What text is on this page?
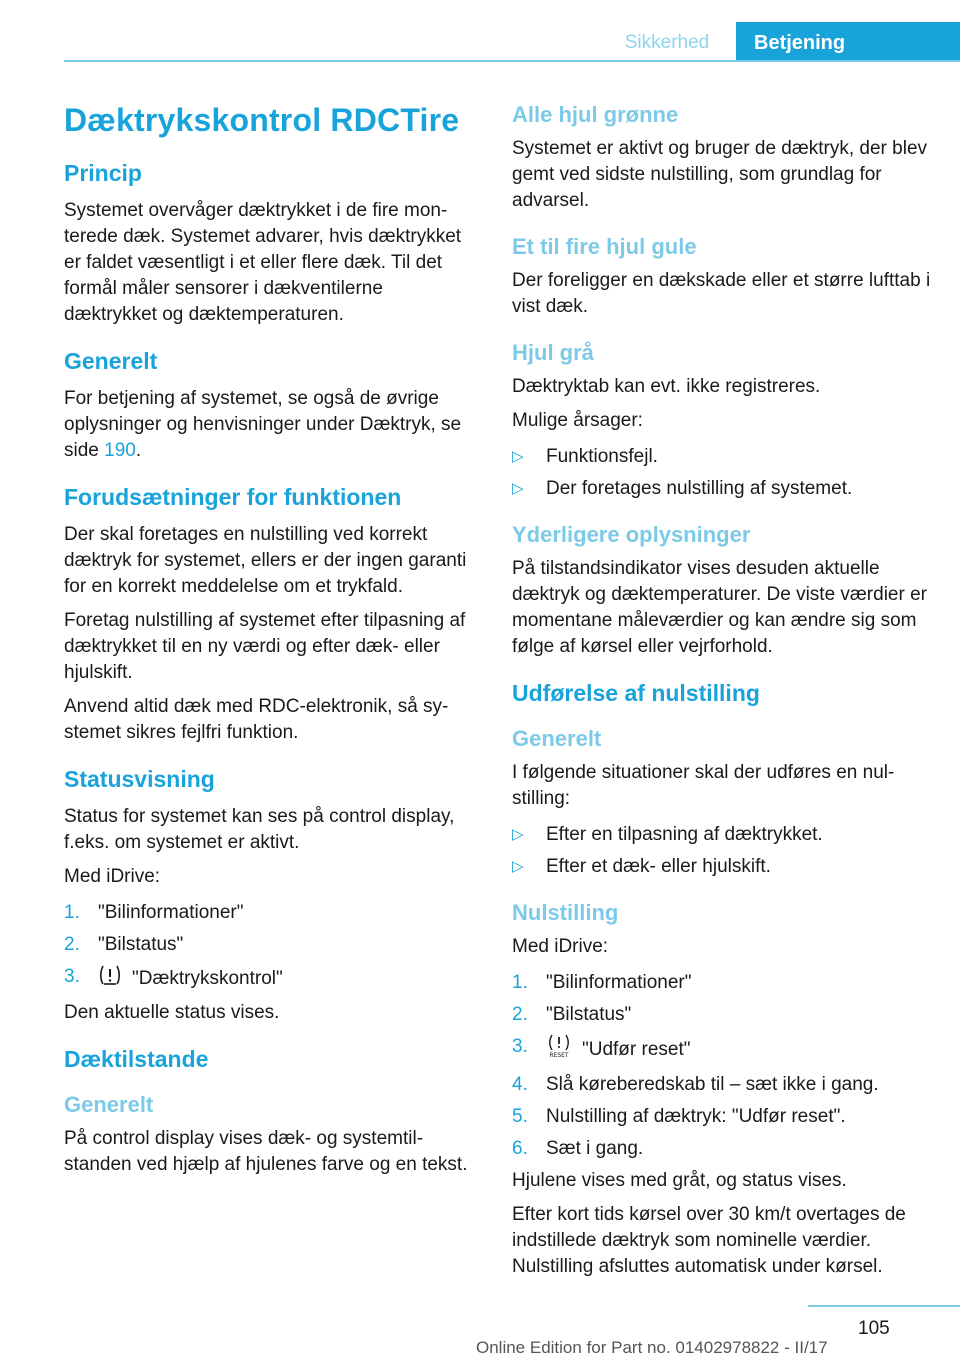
Sikkerhed	Betjening
Dæktrykskontrol RDCTire
Princip

Systemet overvåger dæktrykket i de fire monterede dæk. Systemet advarer, hvis dæktrykket er faldet væsentligt i et eller flere dæk. Til det formål måler sensorer i dækventilerne dæktrykket og dæktemperaturen.

Generelt

For betjening af systemet, se også de øvrige oplysninger og henvisninger under Dæktryk, se side 190.

Forudsætninger for funktionen

Der skal foretages en nulstilling ved korrekt dæktryk for systemet, ellers er der ingen garanti for en korrekt meddelelse om et trykfald.

Foretag nulstilling af systemet efter tilpasning af dæktrykket til en ny værdi og efter dæk- eller hjulskift.

Anvend altid dæk med RDC-elektronik, så systemet sikres fejlfri funktion.

Statusvisning

Status for systemet kan ses på control display, f.eks. om systemet er aktivt.

Med iDrive:

1. "Bilinformationer"
2. "Bilstatus"
3.	"Dæktrykskontrol"

Den aktuelle status vises.

Dæktilstande
Generelt

På control display vises dæk- og systemtilstanden ved hjælp af hjulenes farve og en tekst.

Alle hjul grønne

Systemet er aktivt og bruger de dæktryk, der blev gemt ved sidste nulstilling, som grundlag for advarsel.

Et til fire hjul gule

Der foreligger en dækskade eller et større lufttab i vist dæk.

Hjul grå

Dæktryktab kan evt. ikke registreres.

Mulige årsager:

▷ Funktionsfejl.
▷ Der foretages nulstilling af systemet.
Yderligere oplysninger

På tilstandsindikator vises desuden aktuelle dæktryk og dæktemperaturer. De viste værdier er momentane måleværdier og kan ændre sig som følge af kørsel eller vejrforhold.

Udførelse af nulstilling
Generelt

I følgende situationer skal der udføres en nulstilling:

▷ Efter en tilpasning af dæktrykket.
▷ Efter et dæk- eller hjulskift.
Nulstilling

Med iDrive:

1. "Bilinformationer"
2. "Bilstatus"
3.	RESET "Udfør reset"
4. Slå køreberedskab til – sæt ikke i gang.
5. Nulstilling af dæktryk: "Udfør reset".
6. Sæt i gang.

Hjulene vises med gråt, og status vises.

Efter kort tids kørsel over 30 km/t overtages de indstillede dæktryk som nominelle værdier. Nulstilling afsluttes automatisk under kørsel.

105
Online Edition for Part no. 01402978822 - II/17
